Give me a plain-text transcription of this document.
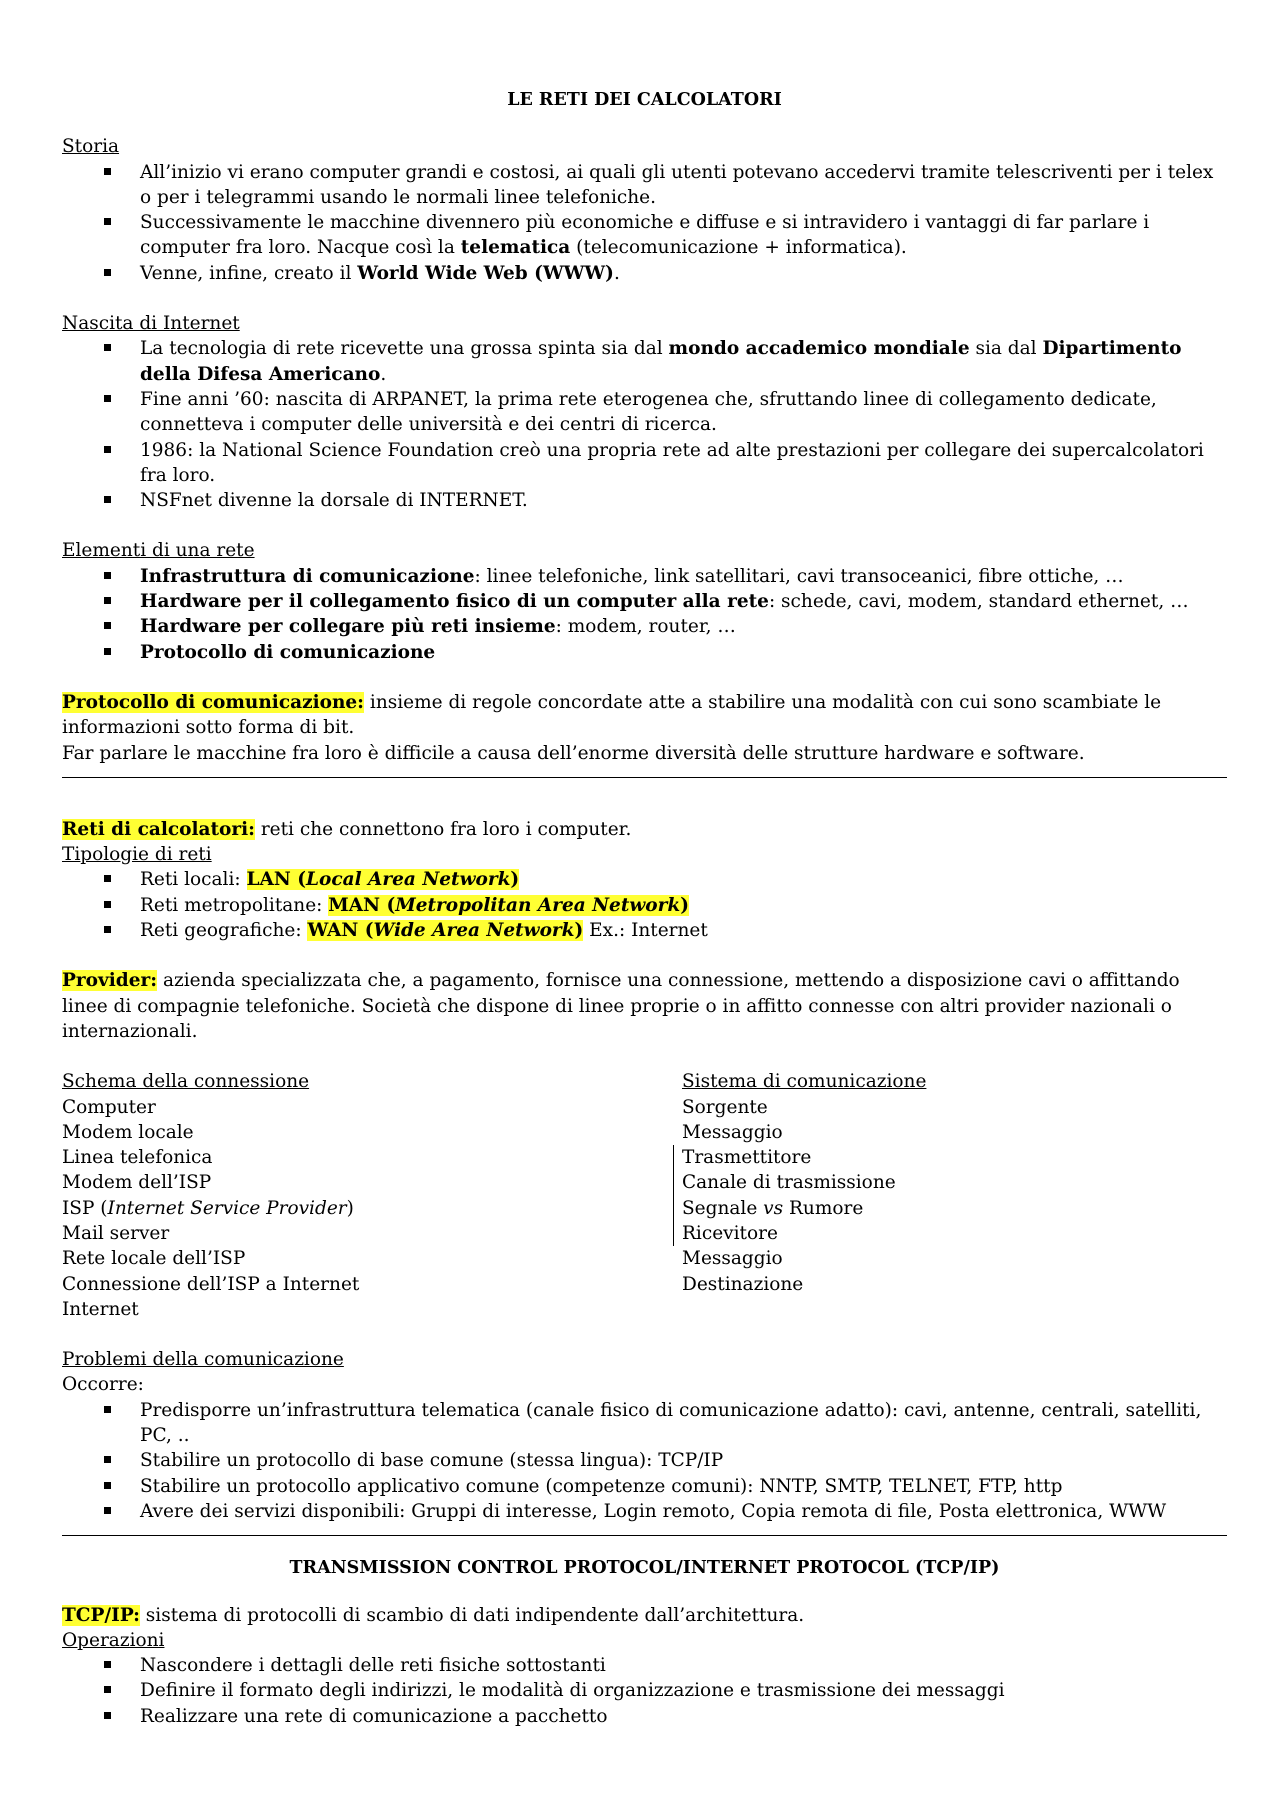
LE RETI DEI CALCOLATORI
Storia
All’inizio vi erano computer grandi e costosi, ai quali gli utenti potevano accedervi tramite telescriventi per i telex o per i telegrammi usando le normali linee telefoniche.
Successivamente le macchine divennero più economiche e diffuse e si intravidero i vantaggi di far parlare i computer fra loro. Nacque così la telematica (telecomunicazione + informatica).
Venne, infine, creato il World Wide Web (WWW).
Nascita di Internet
La tecnologia di rete ricevette una grossa spinta sia dal mondo accademico mondiale sia dal Dipartimento della Difesa Americano.
Fine anni ’60: nascita di ARPANET, la prima rete eterogenea che, sfruttando linee di collegamento dedicate, connetteva i computer delle università e dei centri di ricerca.
1986: la National Science Foundation creò una propria rete ad alte prestazioni per collegare dei supercalcolatori fra loro.
NSFnet divenne la dorsale di INTERNET.
Elementi di una rete
Infrastruttura di comunicazione: linee telefoniche, link satellitari, cavi transoceanici, fibre ottiche, …
Hardware per il collegamento fisico di un computer alla rete: schede, cavi, modem, standard ethernet, …
Hardware per collegare più reti insieme: modem, router, …
Protocollo di comunicazione
Protocollo di comunicazione: insieme di regole concordate atte a stabilire una modalità con cui sono scambiate le informazioni sotto forma di bit.
Far parlare le macchine fra loro è difficile a causa dell’enorme diversità delle strutture hardware e software.
Reti di calcolatori: reti che connettono fra loro i computer.
Tipologie di reti
Reti locali: LAN (Local Area Network)
Reti metropolitane: MAN (Metropolitan Area Network)
Reti geografiche: WAN (Wide Area Network) Ex.: Internet
Provider: azienda specializzata che, a pagamento, fornisce una connessione, mettendo a disposizione cavi o affittando linee di compagnie telefoniche. Società che dispone di linee proprie o in affitto connesse con altri provider nazionali o internazionali.
Schema della connessione
Computer
Modem locale
Linea telefonica
Modem dell’ISP
ISP (Internet Service Provider)
Mail server
Rete locale dell’ISP
Connessione dell’ISP a Internet
Internet
Sistema di comunicazione
Sorgente
Messaggio
Trasmettitore
Canale di trasmissione
Segnale vs Rumore
Ricevitore
Messaggio
Destinazione
Problemi della comunicazione
Occorre:
Predisporre un’infrastruttura telematica (canale fisico di comunicazione adatto): cavi, antenne, centrali, satelliti, PC, ..
Stabilire un protocollo di base comune (stessa lingua): TCP/IP
Stabilire un protocollo applicativo comune (competenze comuni): NNTP, SMTP, TELNET, FTP, http
Avere dei servizi disponibili: Gruppi di interesse, Login remoto, Copia remota di file, Posta elettronica, WWW
TRANSMISSION CONTROL PROTOCOL/INTERNET PROTOCOL (TCP/IP)
TCP/IP: sistema di protocolli di scambio di dati indipendente dall’architettura.
Operazioni
Nascondere i dettagli delle reti fisiche sottostanti
Definire il formato degli indirizzi, le modalità di organizzazione e trasmissione dei messaggi
Realizzare una rete di comunicazione a pacchetto
